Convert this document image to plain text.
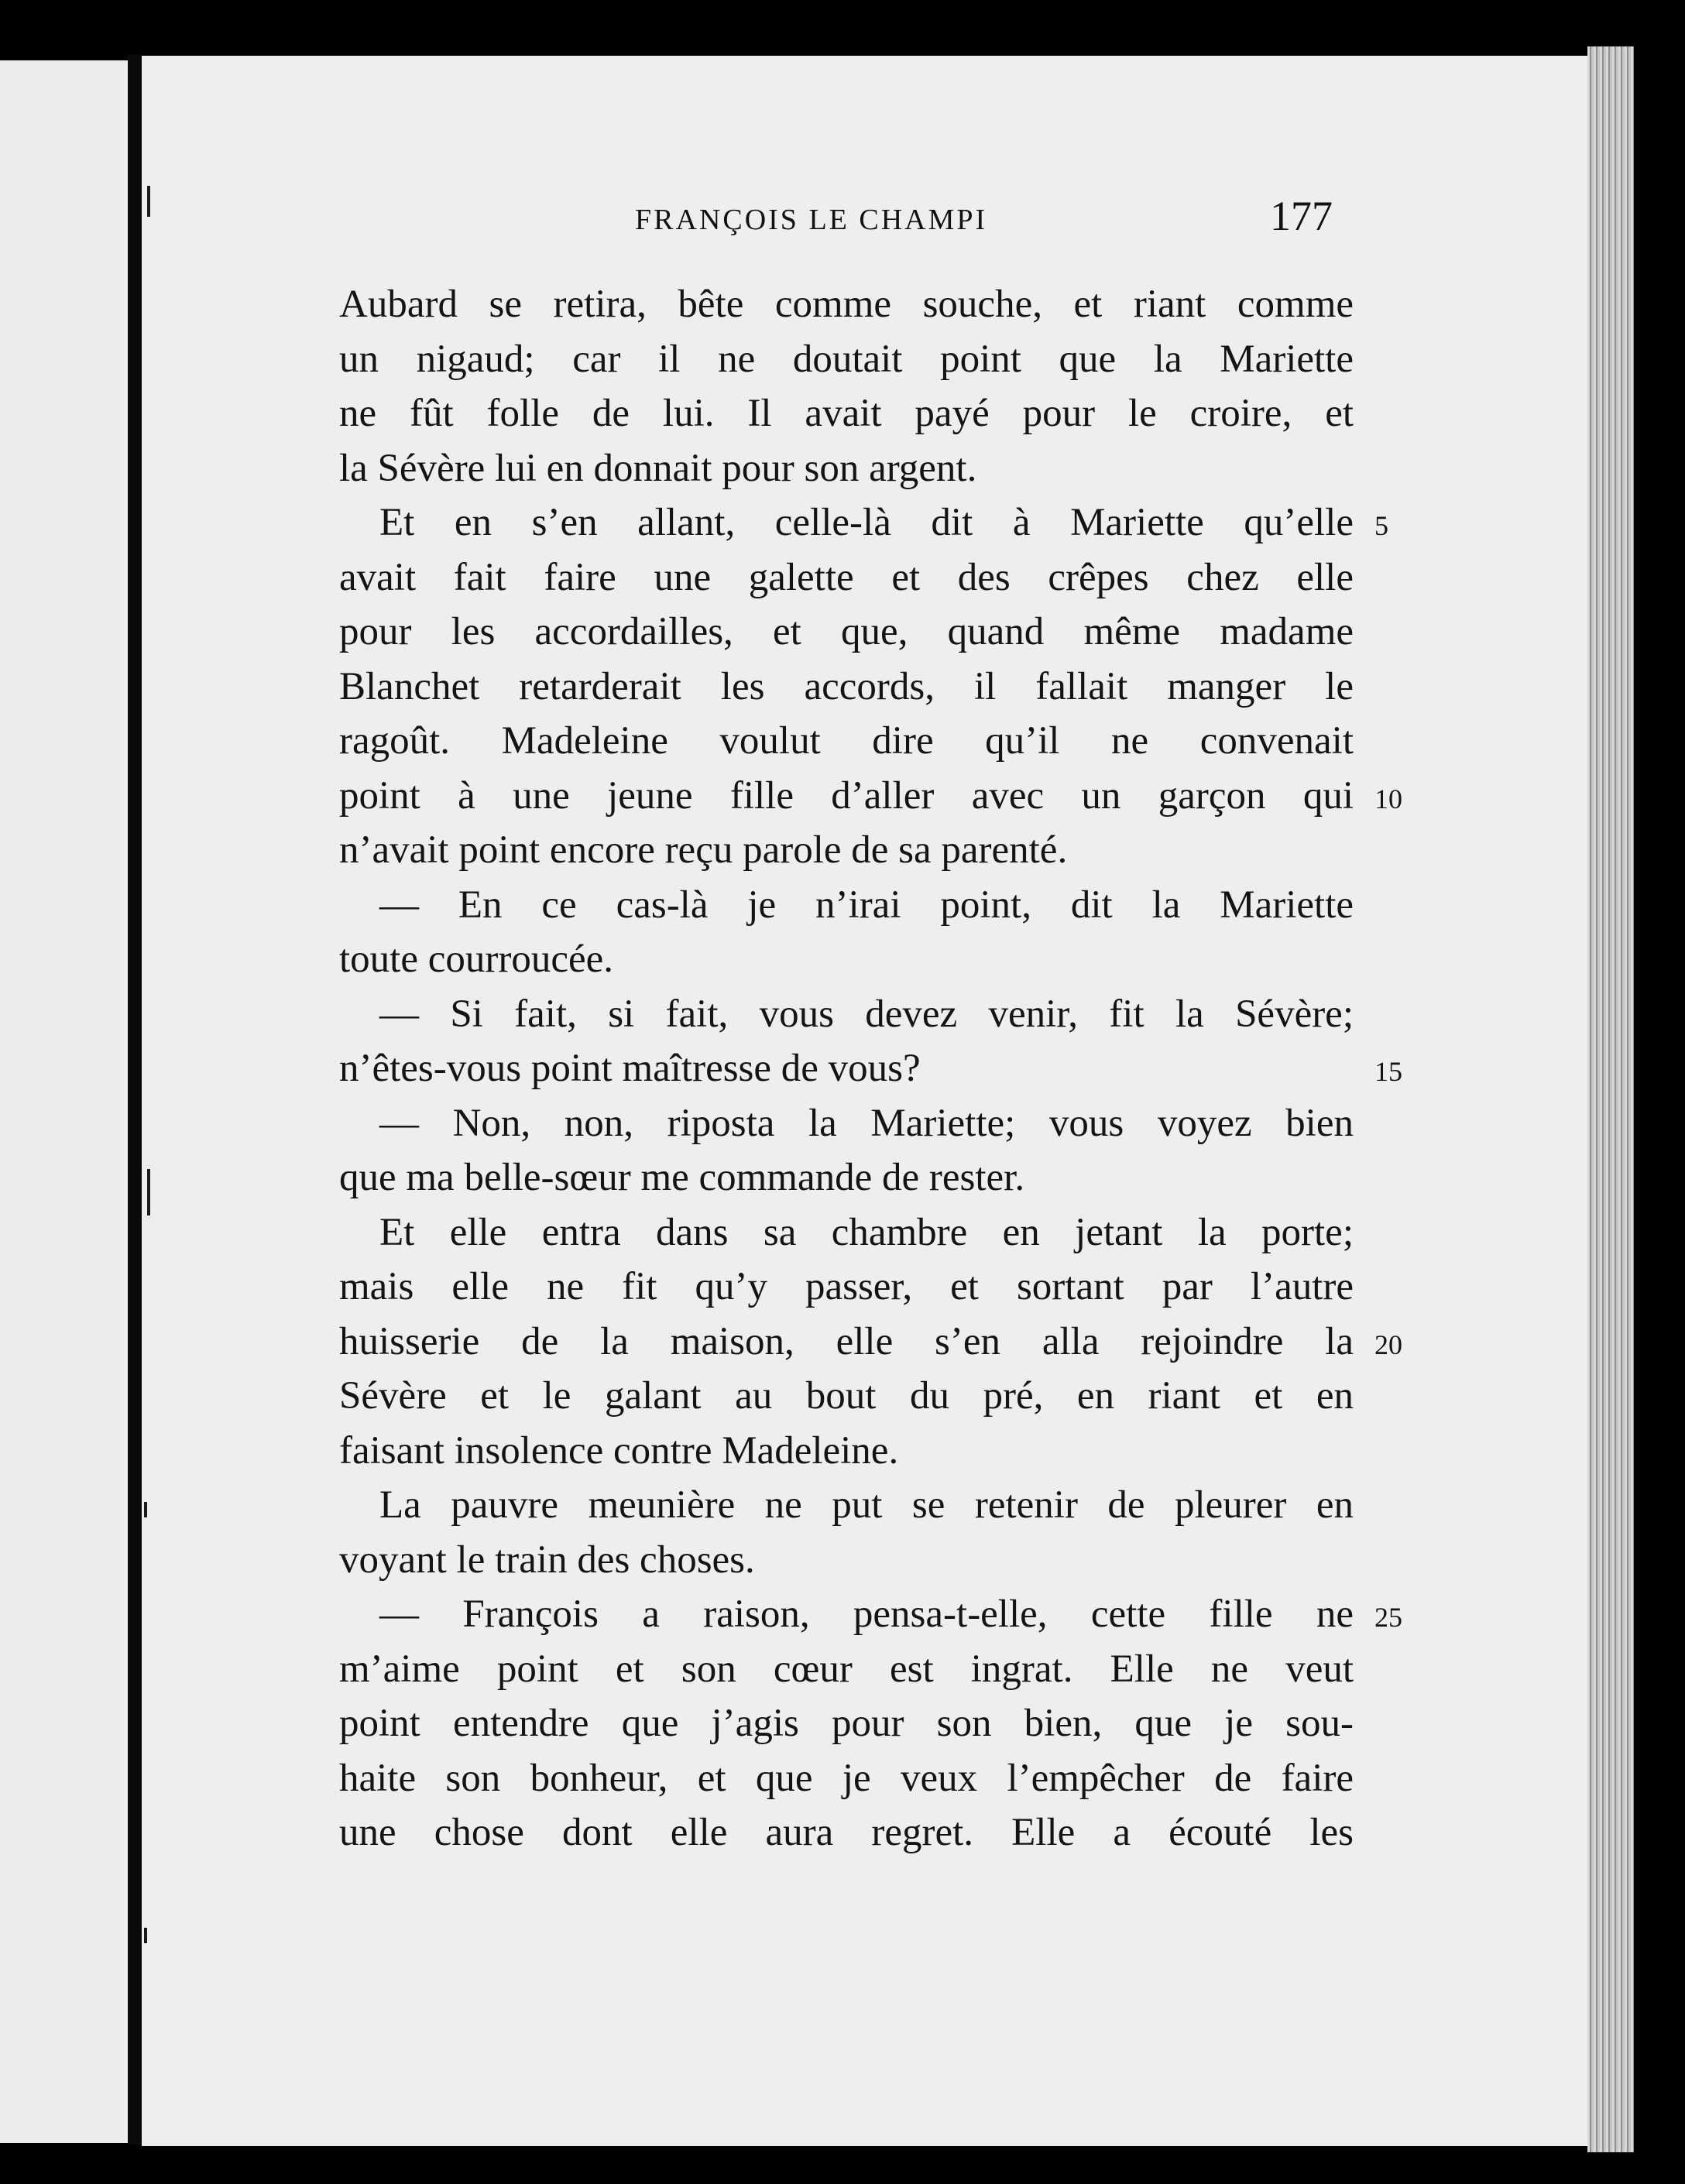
FRANÇOIS LE CHAMPI	177
Aubard se retira, bête comme souche, et riant comme
un nigaud; car il ne doutait point que la Mariette
ne fût folle de lui. Il avait payé pour le croire, et
la Sévère lui en donnait pour son argent.
Et en s’en allant, celle-là dit à Mariette qu’elle
avait fait faire une galette et des crêpes chez elle
pour les accordailles, et que, quand même madame
Blanchet retarderait les accords, il fallait manger le
ragoût. Madeleine voulut dire qu’il ne convenait
point à une jeune fille d’aller avec un garçon qui
n’avait point encore reçu parole de sa parenté.
— En ce cas-là je n’irai point, dit la Mariette
toute courroucée.
— Si fait, si fait, vous devez venir, fit la Sévère;
n’êtes-vous point maîtresse de vous?
— Non, non, riposta la Mariette; vous voyez bien
que ma belle-sœur me commande de rester.
Et elle entra dans sa chambre en jetant la porte;
mais elle ne fit qu’y passer, et sortant par l’autre
huisserie de la maison, elle s’en alla rejoindre la
Sévère et le galant au bout du pré, en riant et en
faisant insolence contre Madeleine.
La pauvre meunière ne put se retenir de pleurer en
voyant le train des choses.
— François a raison, pensa-t-elle, cette fille ne
m’aime point et son cœur est ingrat. Elle ne veut
point entendre que j’agis pour son bien, que je sou-
haite son bonheur, et que je veux l’empêcher de faire
une chose dont elle aura regret. Elle a écouté les
5
10
15
20
25
